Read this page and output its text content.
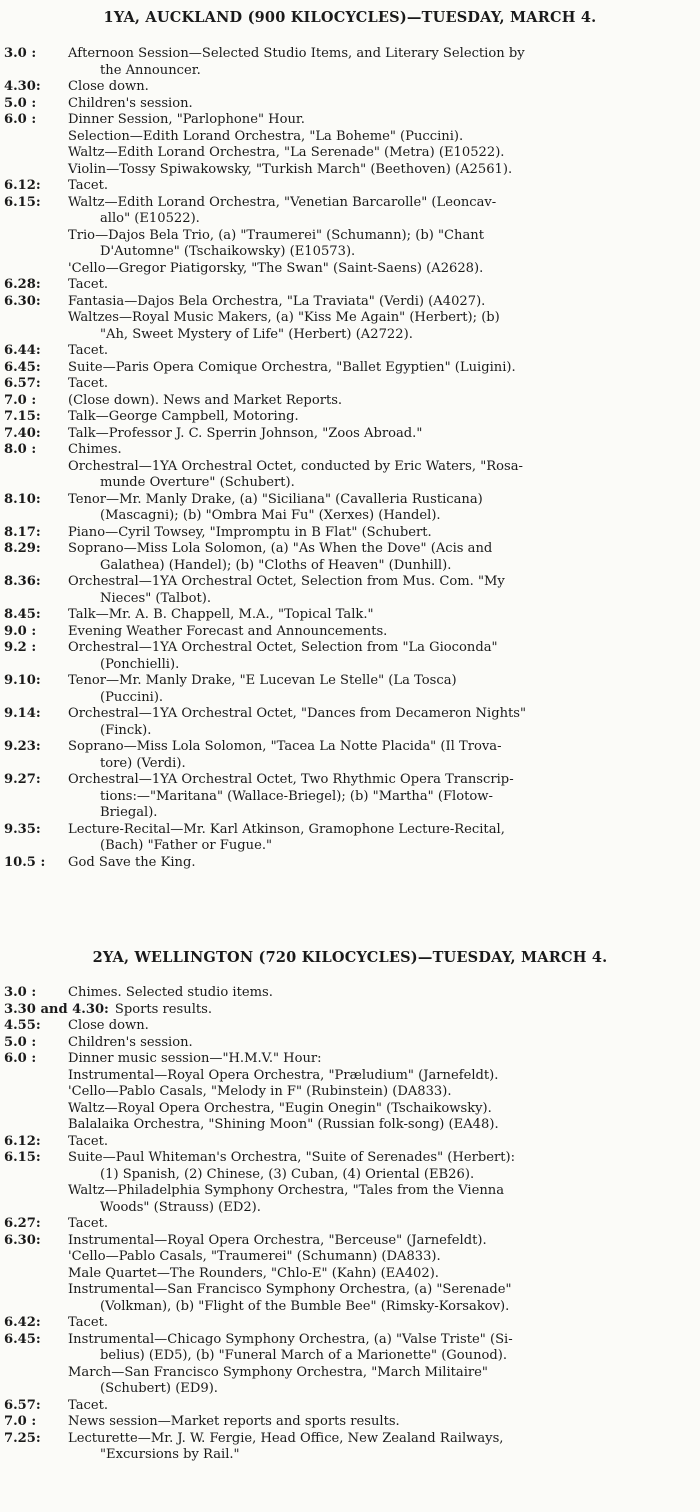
1YA, AUCKLAND (900 KILOCYCLES)—TUESDAY, MARCH 4.
3.0 :	Afternoon Session—Selected Studio Items, and Literary Selection by
the Announcer.
4.30:	Close down.
5.0 :	Children's session.
6.0 :	Dinner Session, "Parlophone" Hour.
Selection—Edith Lorand Orchestra, "La Boheme" (Puccini).
Waltz—Edith Lorand Orchestra, "La Serenade" (Metra) (E10522).
Violin—Tossy Spiwakowsky, "Turkish March" (Beethoven) (A2561).
6.12:	Tacet.
6.15:	Waltz—Edith Lorand Orchestra, "Venetian Barcarolle" (Leoncav-
allo" (E10522).
Trio—Dajos Bela Trio, (a) "Traumerei" (Schumann); (b) "Chant
D'Automne" (Tschaikowsky) (E10573).
'Cello—Gregor Piatigorsky, "The Swan" (Saint-Saens) (A2628).
6.28:	Tacet.
6.30:	Fantasia—Dajos Bela Orchestra, "La Traviata" (Verdi) (A4027).
Waltzes—Royal Music Makers, (a) "Kiss Me Again" (Herbert); (b)
"Ah, Sweet Mystery of Life" (Herbert) (A2722).
6.44:	Tacet.
6.45:	Suite—Paris Opera Comique Orchestra, "Ballet Egyptien" (Luigini).
6.57:	Tacet.
7.0 :	(Close down). News and Market Reports.
7.15:	Talk—George Campbell, Motoring.
7.40:	Talk—Professor J. C. Sperrin Johnson, "Zoos Abroad."
8.0 :	Chimes.
Orchestral—1YA Orchestral Octet, conducted by Eric Waters, "Rosa-
munde Overture" (Schubert).
8.10:	Tenor—Mr. Manly Drake, (a) "Siciliana" (Cavalleria Rusticana)
(Mascagni); (b) "Ombra Mai Fu" (Xerxes) (Handel).
8.17:	Piano—Cyril Towsey, "Impromptu in B Flat" (Schubert.
8.29:	Soprano—Miss Lola Solomon, (a) "As When the Dove" (Acis and
Galathea) (Handel); (b) "Cloths of Heaven" (Dunhill).
8.36:	Orchestral—1YA Orchestral Octet, Selection from Mus. Com. "My
Nieces" (Talbot).
8.45:	Talk—Mr. A. B. Chappell, M.A., "Topical Talk."
9.0 :	Evening Weather Forecast and Announcements.
9.2 :	Orchestral—1YA Orchestral Octet, Selection from "La Gioconda"
(Ponchielli).
9.10:	Tenor—Mr. Manly Drake, "E Lucevan Le Stelle" (La Tosca)
(Puccini).
9.14:	Orchestral—1YA Orchestral Octet, "Dances from Decameron Nights"
(Finck).
9.23:	Soprano—Miss Lola Solomon, "Tacea La Notte Placida" (Il Trova-
tore) (Verdi).
9.27:	Orchestral—1YA Orchestral Octet, Two Rhythmic Opera Transcrip-
tions:—"Maritana" (Wallace-Briegel); (b) "Martha" (Flotow-
Briegal).
9.35:	Lecture-Recital—Mr. Karl Atkinson, Gramophone Lecture-Recital,
(Bach) "Father or Fugue."
10.5 :	God Save the King.
2YA, WELLINGTON (720 KILOCYCLES)—TUESDAY, MARCH 4.
3.0 :	Chimes. Selected studio items.
3.30 and 4.30: Sports results.
4.55:	Close down.
5.0 :	Children's session.
6.0 :	Dinner music session—"H.M.V." Hour:
Instrumental—Royal Opera Orchestra, "Præludium" (Jarnefeldt).
'Cello—Pablo Casals, "Melody in F" (Rubinstein) (DA833).
Waltz—Royal Opera Orchestra, "Eugin Onegin" (Tschaikowsky).
Balalaika Orchestra, "Shining Moon" (Russian folk-song) (EA48).
6.12:	Tacet.
6.15:	Suite—Paul Whiteman's Orchestra, "Suite of Serenades" (Herbert):
(1) Spanish, (2) Chinese, (3) Cuban, (4) Oriental (EB26).
Waltz—Philadelphia Symphony Orchestra, "Tales from the Vienna
Woods" (Strauss) (ED2).
6.27:	Tacet.
6.30:	Instrumental—Royal Opera Orchestra, "Berceuse" (Jarnefeldt).
'Cello—Pablo Casals, "Traumerei" (Schumann) (DA833).
Male Quartet—The Rounders, "Chlo-E" (Kahn) (EA402).
Instrumental—San Francisco Symphony Orchestra, (a) "Serenade"
(Volkman), (b) "Flight of the Bumble Bee" (Rimsky-Korsakov).
6.42:	Tacet.
6.45:	Instrumental—Chicago Symphony Orchestra, (a) "Valse Triste" (Si-
belius) (ED5), (b) "Funeral March of a Marionette" (Gounod).
March—San Francisco Symphony Orchestra, "March Militaire"
(Schubert) (ED9).
6.57:	Tacet.
7.0 :	News session—Market reports and sports results.
7.25:	Lecturette—Mr. J. W. Fergie, Head Office, New Zealand Railways,
"Excursions by Rail."
